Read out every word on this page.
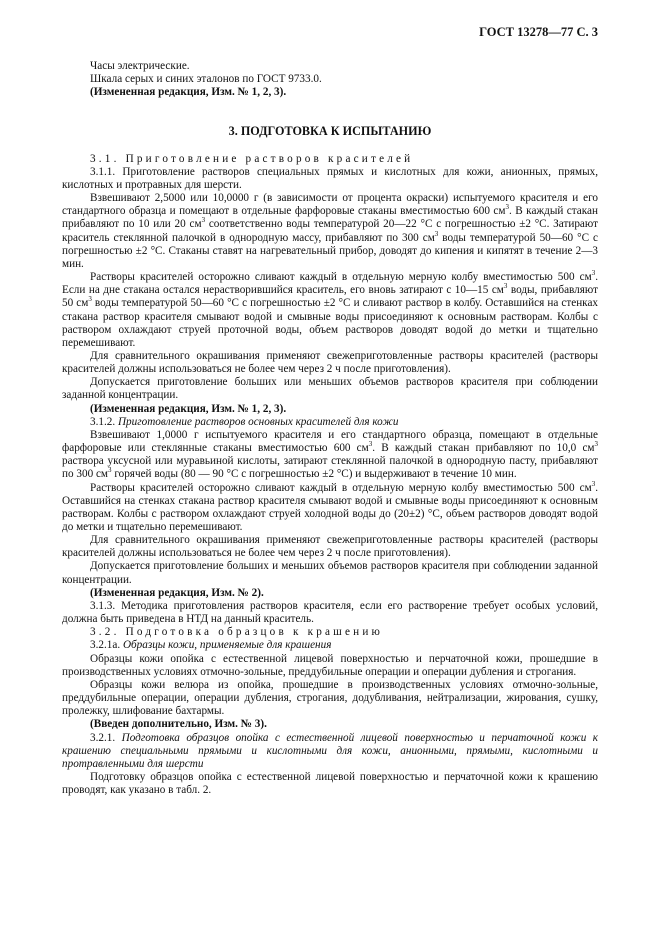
ГОСТ 13278—77 С. 3

Часы электрические.

Шкала серых и синих эталонов по ГОСТ 9733.0.

(Измененная редакция, Изм. № 1, 2, 3).

3. ПОДГОТОВКА К ИСПЫТАНИЮ

3.1. Приготовление растворов красителей

3.1.1. Приготовление растворов специальных прямых и кислотных для кожи, анионных, прямых, кислотных и протравных для шерсти.

Взвешивают 2,5000 или 10,0000 г (в зависимости от процента окраски) испытуемого красителя и его стандартного образца и помещают в отдельные фарфоровые стаканы вместимостью 600 $см^3$. В каждый стакан прибавляют по 10 или 20 $см^3$ соответственно воды температурой 20—22 °С с погрешностью ±2 °С. Затирают краситель стеклянной палочкой в однородную массу, прибавляют по 300 $см^3$ воды температурой 50—60 °С с погрешностью ±2 °С. Стаканы ставят на нагревательный прибор, доводят до кипения и кипятят в течение 2—3 мин.

Растворы красителей осторожно сливают каждый в отдельную мерную колбу вместимостью 500 $см^3$. Если на дне стакана остался нерастворившийся краситель, его вновь затирают с 10—15 $см^3$ воды, прибавляют 50 $см^3$ воды температурой 50—60 °С с погрешностью ±2 °С и сливают раствор в колбу. Оставшийся на стенках стакана раствор красителя смывают водой и смывные воды присоединяют к основным растворам. Колбы с раствором охлаждают струей проточной воды, объем растворов доводят водой до метки и тщательно перемешивают.

Для сравнительного окрашивания применяют свежеприготовленные растворы красителей (растворы красителей должны использоваться не более чем через 2 ч после приготовления).

Допускается приготовление больших или меньших объемов растворов красителя при соблюдении заданной концентрации.

(Измененная редакция, Изм. № 1, 2, 3).

3.1.2. Приготовление растворов основных красителей для кожи

Взвешивают 1,0000 г испытуемого красителя и его стандартного образца, помещают в отдельные фарфоровые или стеклянные стаканы вместимостью 600 $см^3$. В каждый стакан прибавляют по 10,0 $см^3$ раствора уксусной или муравьиной кислоты, затирают стеклянной палочкой в однородную пасту, прибавляют по 300 $см^3$ горячей воды (80 — 90 °С с погрешностью ±2 °С) и выдерживают в течение 10 мин.

Растворы красителей осторожно сливают каждый в отдельную мерную колбу вместимостью 500 $см^3$. Оставшийся на стенках стакана раствор красителя смывают водой и смывные воды присоединяют к основным растворам. Колбы с раствором охлаждают струей холодной воды до (20±2) °С, объем растворов доводят водой до метки и тщательно перемешивают.

Для сравнительного окрашивания применяют свежеприготовленные растворы красителей (растворы красителей должны использоваться не более чем через 2 ч после приготовления).

Допускается приготовление больших и меньших объемов растворов красителя при соблюдении заданной концентрации.

(Измененная редакция, Изм. № 2).

3.1.3. Методика приготовления растворов красителя, если его растворение требует особых условий, должна быть приведена в НТД на данный краситель.

3.2. Подготовка образцов к крашению

3.2.1а. Образцы кожи, применяемые для крашения

Образцы кожи опойка с естественной лицевой поверхностью и перчаточной кожи, прошедшие в производственных условиях отмочно-зольные, преддубильные операции и операции дубления и строгания.

Образцы кожи велюра из опойка, прошедшие в производственных условиях отмочно-зольные, преддубильные операции, операции дубления, строгания, додубливания, нейтрализации, жирования, сушку, пролежку, шлифование бахтармы.

(Введен дополнительно, Изм. № 3).

3.2.1. Подготовка образцов опойка с естественной лицевой поверхностью и перчаточной кожи к крашению специальными прямыми и кислотными для кожи, анионными, прямыми, кислотными и протравленными для шерсти

Подготовку образцов опойка с естественной лицевой поверхностью и перчаточной кожи к крашению проводят, как указано в табл. 2.
